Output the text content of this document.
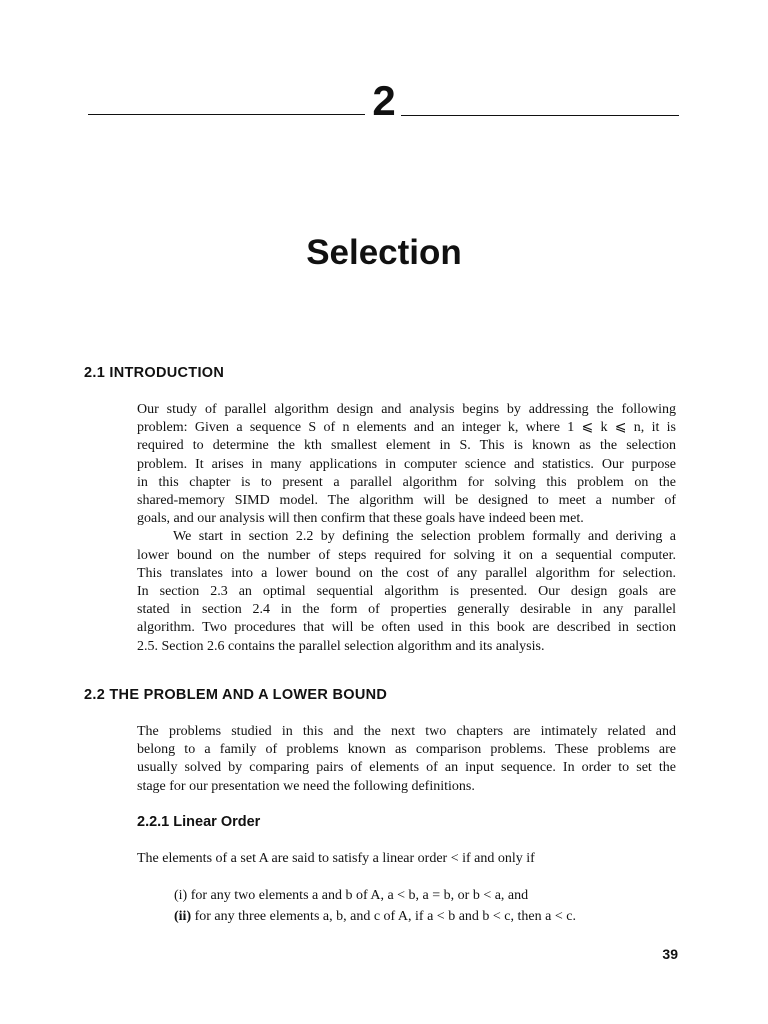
2
Selection
2.1 INTRODUCTION
Our study of parallel algorithm design and analysis begins by addressing the following
problem: Given a sequence S of n elements and an integer k, where 1 ⩽ k ⩽ n, it is
required to determine the kth smallest element in S. This is known as the selection
problem. It arises in many applications in computer science and statistics. Our purpose
in this chapter is to present a parallel algorithm for solving this problem on the
shared-memory SIMD model. The algorithm will be designed to meet a number of
goals, and our analysis will then confirm that these goals have indeed been met.
We start in section 2.2 by defining the selection problem formally and deriving a
lower bound on the number of steps required for solving it on a sequential computer.
This translates into a lower bound on the cost of any parallel algorithm for selection.
In section 2.3 an optimal sequential algorithm is presented. Our design goals are
stated in section 2.4 in the form of properties generally desirable in any parallel
algorithm. Two procedures that will be often used in this book are described in section
2.5. Section 2.6 contains the parallel selection algorithm and its analysis.
2.2 THE PROBLEM AND A LOWER BOUND
The problems studied in this and the next two chapters are intimately related and
belong to a family of problems known as comparison problems. These problems are
usually solved by comparing pairs of elements of an input sequence. In order to set the
stage for our presentation we need the following definitions.
2.2.1 Linear Order
The elements of a set A are said to satisfy a linear order < if and only if
(i) for any two elements a and b of A, a < b, a = b, or b < a, and
(ii) for any three elements a, b, and c of A, if a < b and b < c, then a < c.
39
